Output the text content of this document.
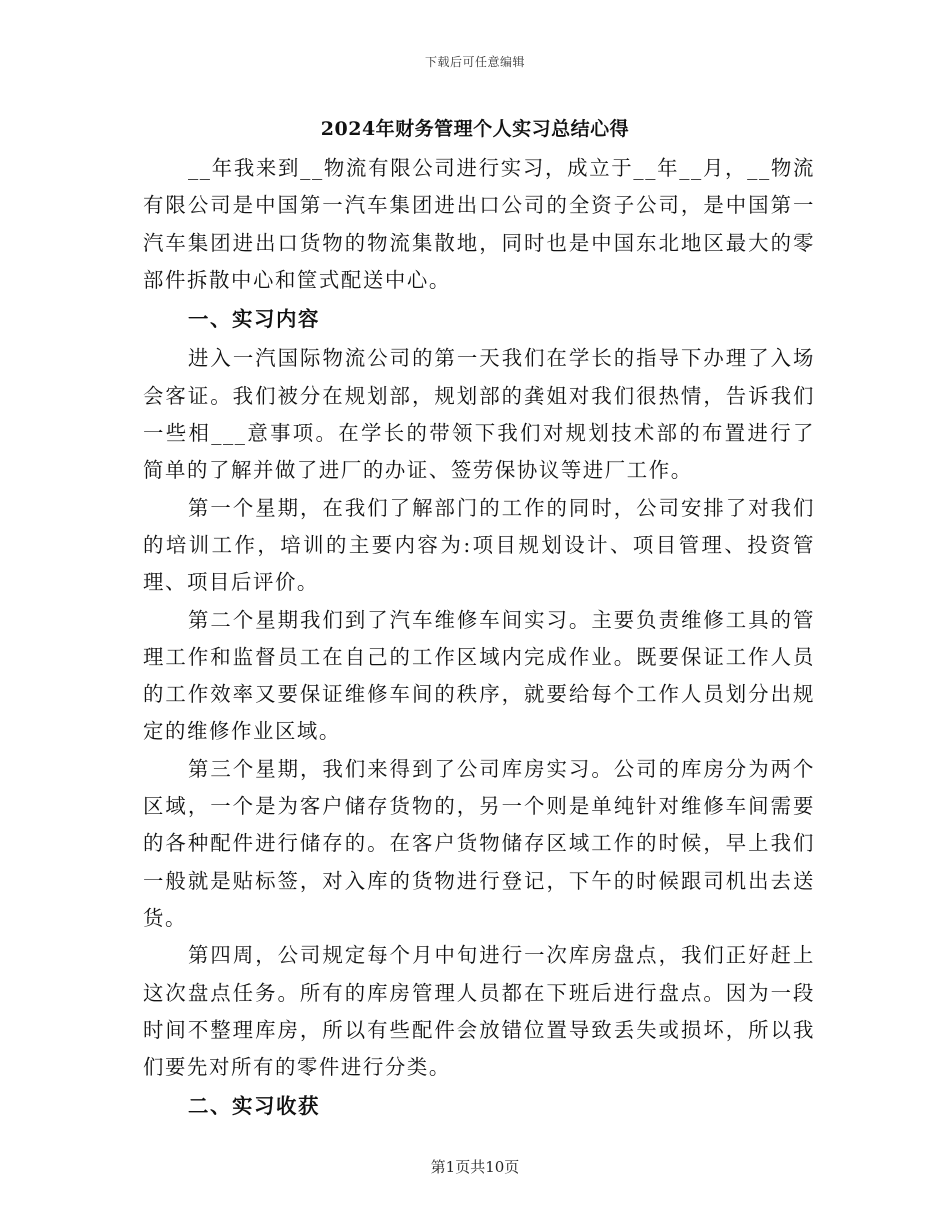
下载后可任意编辑
2024年财务管理个人实习总结心得

__年我来到__物流有限公司进行实习，成立于__年__月，__物流有限公司是中国第一汽车集团进出口公司的全资子公司，是中国第一汽车集团进出口货物的物流集散地，同时也是中国东北地区最大的零部件拆散中心和筐式配送中心。

一、实习内容

进入一汽国际物流公司的第一天我们在学长的指导下办理了入场会客证。我们被分在规划部，规划部的龚姐对我们很热情，告诉我们一些相___意事项。在学长的带领下我们对规划技术部的布置进行了简单的了解并做了进厂的办证、签劳保协议等进厂工作。

第一个星期，在我们了解部门的工作的同时，公司安排了对我们的培训工作，培训的主要内容为:项目规划设计、项目管理、投资管理、项目后评价。

第二个星期我们到了汽车维修车间实习。主要负责维修工具的管理工作和监督员工在自己的工作区域内完成作业。既要保证工作人员的工作效率又要保证维修车间的秩序，就要给每个工作人员划分出规定的维修作业区域。

第三个星期，我们来得到了公司库房实习。公司的库房分为两个区域，一个是为客户储存货物的，另一个则是单纯针对维修车间需要的各种配件进行储存的。在客户货物储存区域工作的时候，早上我们一般就是贴标签，对入库的货物进行登记，下午的时候跟司机出去送货。

第四周，公司规定每个月中旬进行一次库房盘点，我们正好赶上这次盘点任务。所有的库房管理人员都在下班后进行盘点。因为一段时间不整理库房，所以有些配件会放错位置导致丢失或损坏，所以我们要先对所有的零件进行分类。

二、实习收获

第1页共10页
